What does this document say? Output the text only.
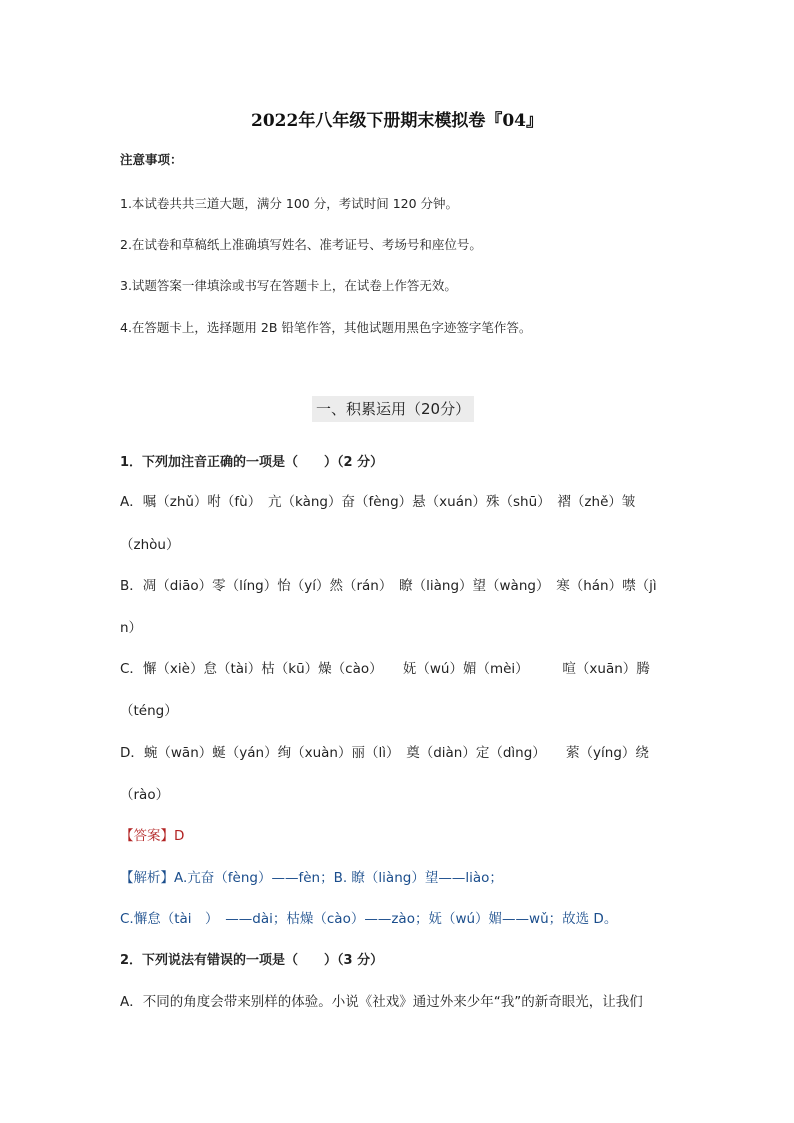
2022年八年级下册期末模拟卷『04』
注意事项：
1.本试卷共共三道大题，满分 100 分，考试时间 120 分钟。
2.在试卷和草稿纸上准确填写姓名、准考证号、考场号和座位号。
3.试题答案一律填涂或书写在答题卡上，在试卷上作答无效。
4.在答题卡上，选择题用 2B 铅笔作答，其他试题用黑色字迹签字笔作答。
一、积累运用（20分）
1．下列加注音正确的一项是（　　）（2 分）
A．嘱（zhǔ）咐（fù）　亢（kàng）奋（fèng）悬（xuán）殊（shū）　褶（zhě）皱
（zhòu）
B．凋（diāo）零（líng）怡（yí）然（rán）　瞭（liàng）望（wàng）　寒（hán）噤（jì
n）
C．懈（xiè）怠（tài）枯（kū）燥（cào）　　妩（wú）媚（mèi）　　　喧（xuān）腾
（téng）
D．蜿（wān）蜒（yán）绚（xuàn）丽（lì）　奠（diàn）定（dìng）　　萦（yíng）绕
（rào）
【答案】D
【解析】A.亢奋（fèng）——fèn；B. 瞭（liàng）望——liào；
C.懈怠（tài　）　——dài；枯燥（cào）——zào；妩（wú）媚——wǔ；故选 D。
2．下列说法有错误的一项是（　　）（3 分）
A．不同的角度会带来别样的体验。小说《社戏》通过外来少年“我”的新奇眼光，让我们
